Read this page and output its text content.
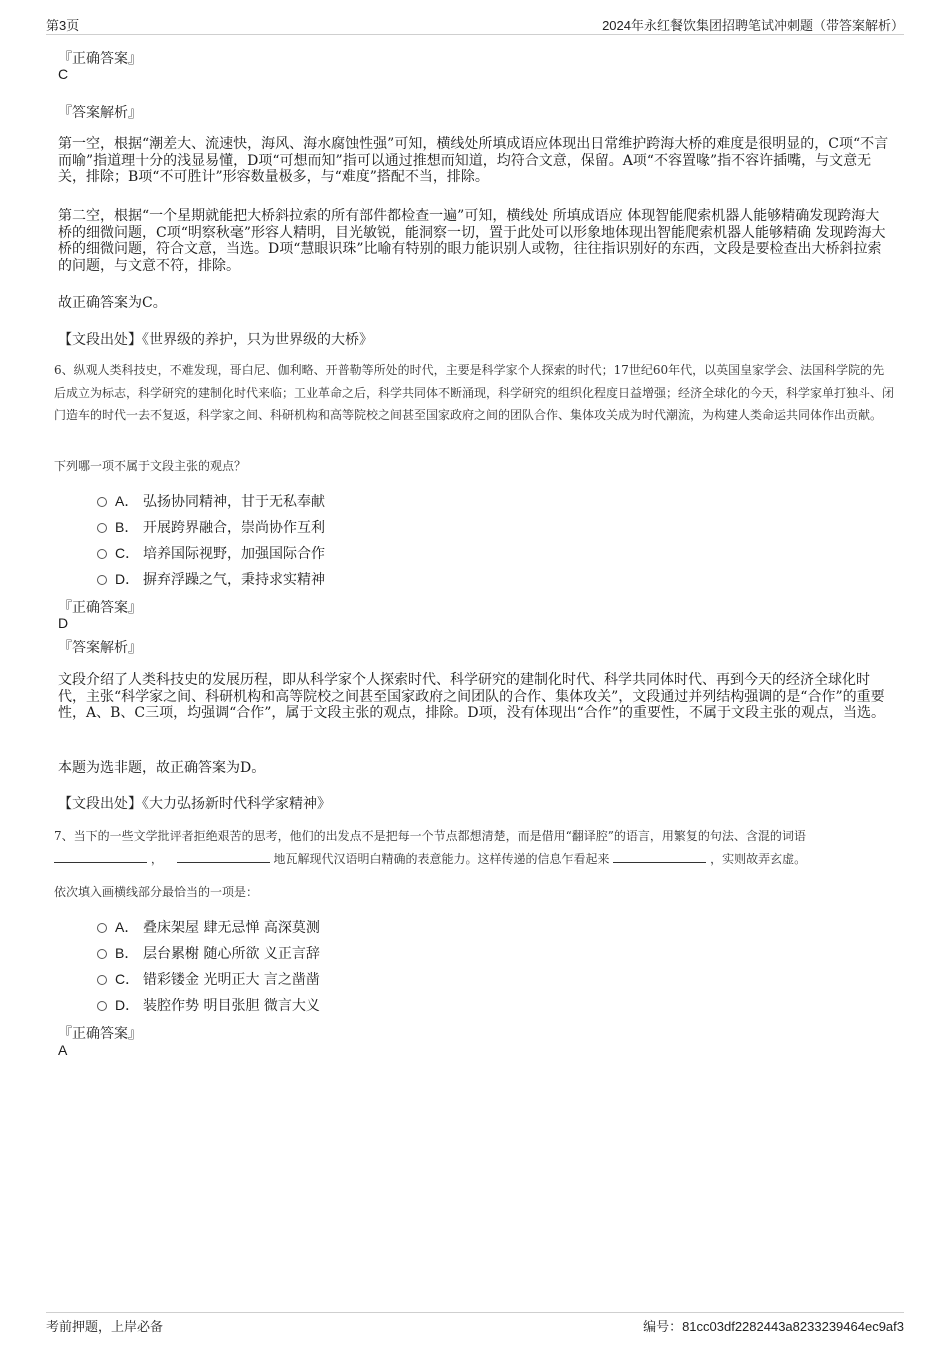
第3页	2024年永红餐饮集团招聘笔试冲刺题（带答案解析）
『正确答案』
C
『答案解析』
第一空，根据“潮差大、流速快，海风、海水腐蚀性强”可知，横线处所填成语应体现出日常维护跨海大桥的难度是很明显的，C项“不言而喻”指道理十分的浅显易懂，D项“可想而知”指可以通过推想而知道，均符合文意，保留。A项“不容置喙”指不容许插嘴，与文意无关，排除；B项“不可胜计”形容数量极多，与“难度”搭配不当，排除。
第二空，根据“一个星期就能把大桥斜拉索的所有部件都检查一遍”可知，横线处 所填成语应 体现智能爬索机器人能够精确发现跨海大桥的细微问题，C项“明察秋毫”形容人精明，目光敏锐，能洞察一切，置于此处可以形象地体现出智能爬索机器人能够精确 发现跨海大桥的细微问题，符合文意，当选。D项“慧眼识珠”比喻有特别的眼力能识别人或物，往往指识别好的东西，文段是要检查出大桥斜拉索的问题，与文意不符，排除。
故正确答案为C。
【文段出处】《世界级的养护，只为世界级的大桥》
6、纵观人类科技史，不难发现，哥白尼、伽利略、开普勒等所处的时代，主要是科学家个人探索的时代；17世纪60年代，以英国皇家学会、法国科学院的先后成立为标志，科学研究的建制化时代来临；工业革命之后，科学共同体不断涌现，科学研究的组织化程度日益增强；经济全球化的今天，科学家单打独斗、闭门造车的时代一去不复返，科学家之间、科研机构和高等院校之间甚至国家政府之间的团队合作、集体攻关成为时代潮流，为构建人类命运共同体作出贡献。
下列哪一项不属于文段主张的观点？
A． 弘扬协同精神，甘于无私奉献
B． 开展跨界融合，崇尚协作互利
C． 培养国际视野，加强国际合作
D． 摒弃浮躁之气，秉持求实精神
『正确答案』
D
『答案解析』
文段介绍了人类科技史的发展历程，即从科学家个人探索时代、科学研究的建制化时代、科学共同体时代、再到今天的经济全球化时代，主张“科学家之间、科研机构和高等院校之间甚至国家政府之间团队的合作、集体攻关”，文段通过并列结构强调的是“合作”的重要性，A、B、C三项，均强调“合作”，属于文段主张的观点，排除。D项，没有体现出“合作”的重要性，不属于文段主张的观点，当选。
本题为选非题，故正确答案为D。
【文段出处】《大力弘扬新时代科学家精神》
7、当下的一些文学批评者拒绝艰苦的思考，他们的出发点不是把每一个节点都想清楚，而是借用“翻译腔”的语言，用繁复的句法、含混的词语  ，	地瓦解现代汉语明白精确的表意能力。这样传递的信息乍看起来	，实则故弄玄虚。
依次填入画横线部分最恰当的一项是：
A． 叠床架屋 肆无忌惮 高深莫测
B． 层台累榭 随心所欲 义正言辞
C． 错彩镂金 光明正大 言之凿凿
D． 装腔作势 明目张胆 微言大义
『正确答案』
A
考前押题，上岸必备	编号：81cc03df2282443a8233239464ec9af3
